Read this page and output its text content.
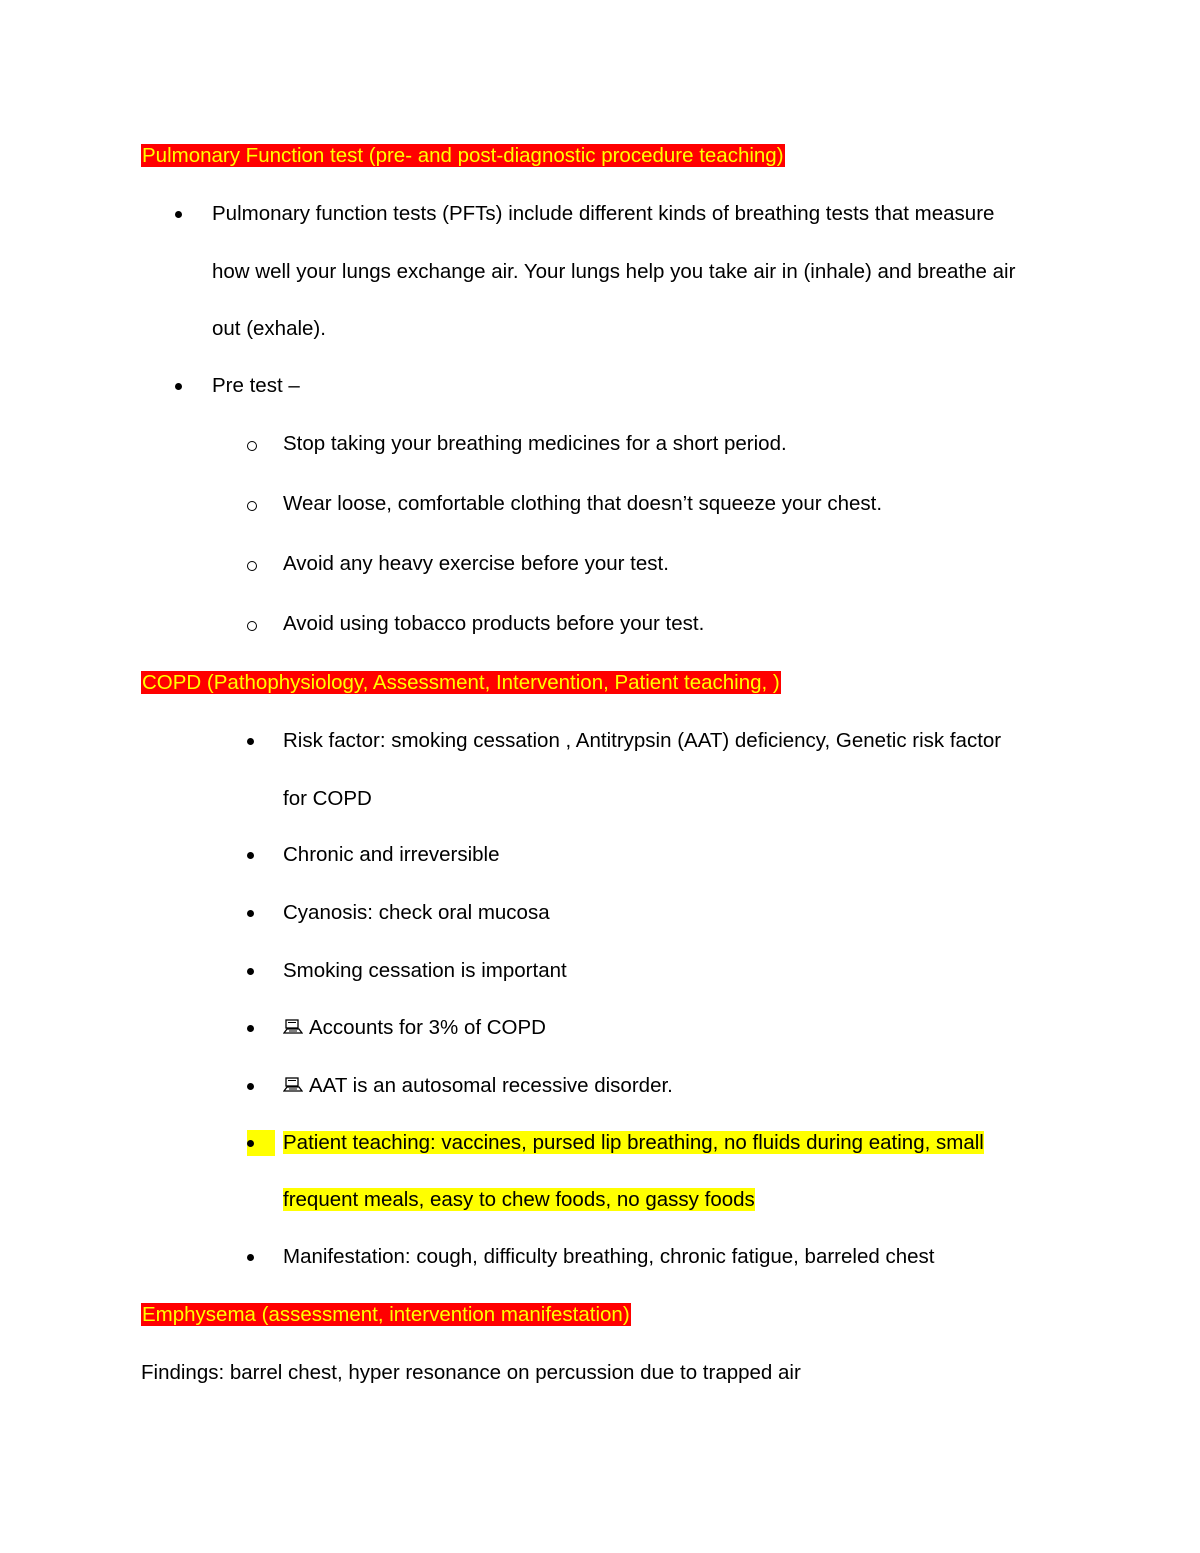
Pulmonary Function test (pre- and post-diagnostic procedure teaching)
Pulmonary function tests (PFTs) include different kinds of breathing tests that measure
how well your lungs exchange air. Your lungs help you take air in (inhale) and breathe air
out (exhale).
Pre test –
Stop taking your breathing medicines for a short period.
Wear loose, comfortable clothing that doesn’t squeeze your chest.
Avoid any heavy exercise before your test.
Avoid using tobacco products before your test.
COPD (Pathophysiology, Assessment, Intervention, Patient teaching, )
Risk factor: smoking cessation , Antitrypsin (AAT) deficiency, Genetic risk factor
for COPD
Chronic and irreversible
Cyanosis: check oral mucosa
Smoking cessation is important
Accounts for 3% of COPD
AAT is an autosomal recessive disorder.
Patient teaching: vaccines, pursed lip breathing, no fluids during eating, small
frequent meals, easy to chew foods, no gassy foods
Manifestation: cough, difficulty breathing, chronic fatigue, barreled chest
Emphysema (assessment, intervention manifestation)
Findings: barrel chest, hyper resonance on percussion due to trapped air
